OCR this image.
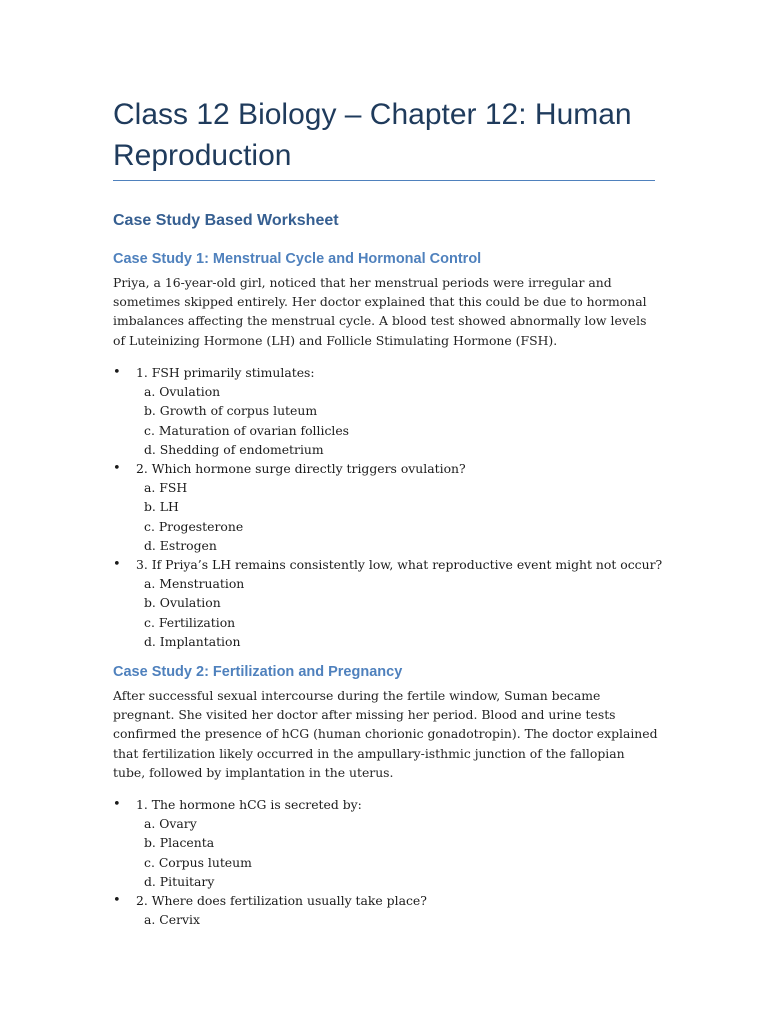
Class 12 Biology – Chapter 12: Human Reproduction
Case Study Based Worksheet
Case Study 1: Menstrual Cycle and Hormonal Control

Priya, a 16-year-old girl, noticed that her menstrual periods were irregular and sometimes skipped entirely. Her doctor explained that this could be due to hormonal imbalances affecting the menstrual cycle. A blood test showed abnormally low levels of Luteinizing Hormone (LH) and Follicle Stimulating Hormone (FSH).

• 1. FSH primarily stimulates:
a. Ovulation
b. Growth of corpus luteum
c. Maturation of ovarian follicles
d. Shedding of endometrium
• 2. Which hormone surge directly triggers ovulation?
a. FSH
b. LH
c. Progesterone
d. Estrogen
• 3. If Priya’s LH remains consistently low, what reproductive event might not occur?
a. Menstruation
b. Ovulation
c. Fertilization
d. Implantation
Case Study 2: Fertilization and Pregnancy

After successful sexual intercourse during the fertile window, Suman became pregnant. She visited her doctor after missing her period. Blood and urine tests confirmed the presence of hCG (human chorionic gonadotropin). The doctor explained that fertilization likely occurred in the ampullary-isthmic junction of the fallopian tube, followed by implantation in the uterus.

• 1. The hormone hCG is secreted by:
a. Ovary
b. Placenta
c. Corpus luteum
d. Pituitary
• 2. Where does fertilization usually take place?
a. Cervix
